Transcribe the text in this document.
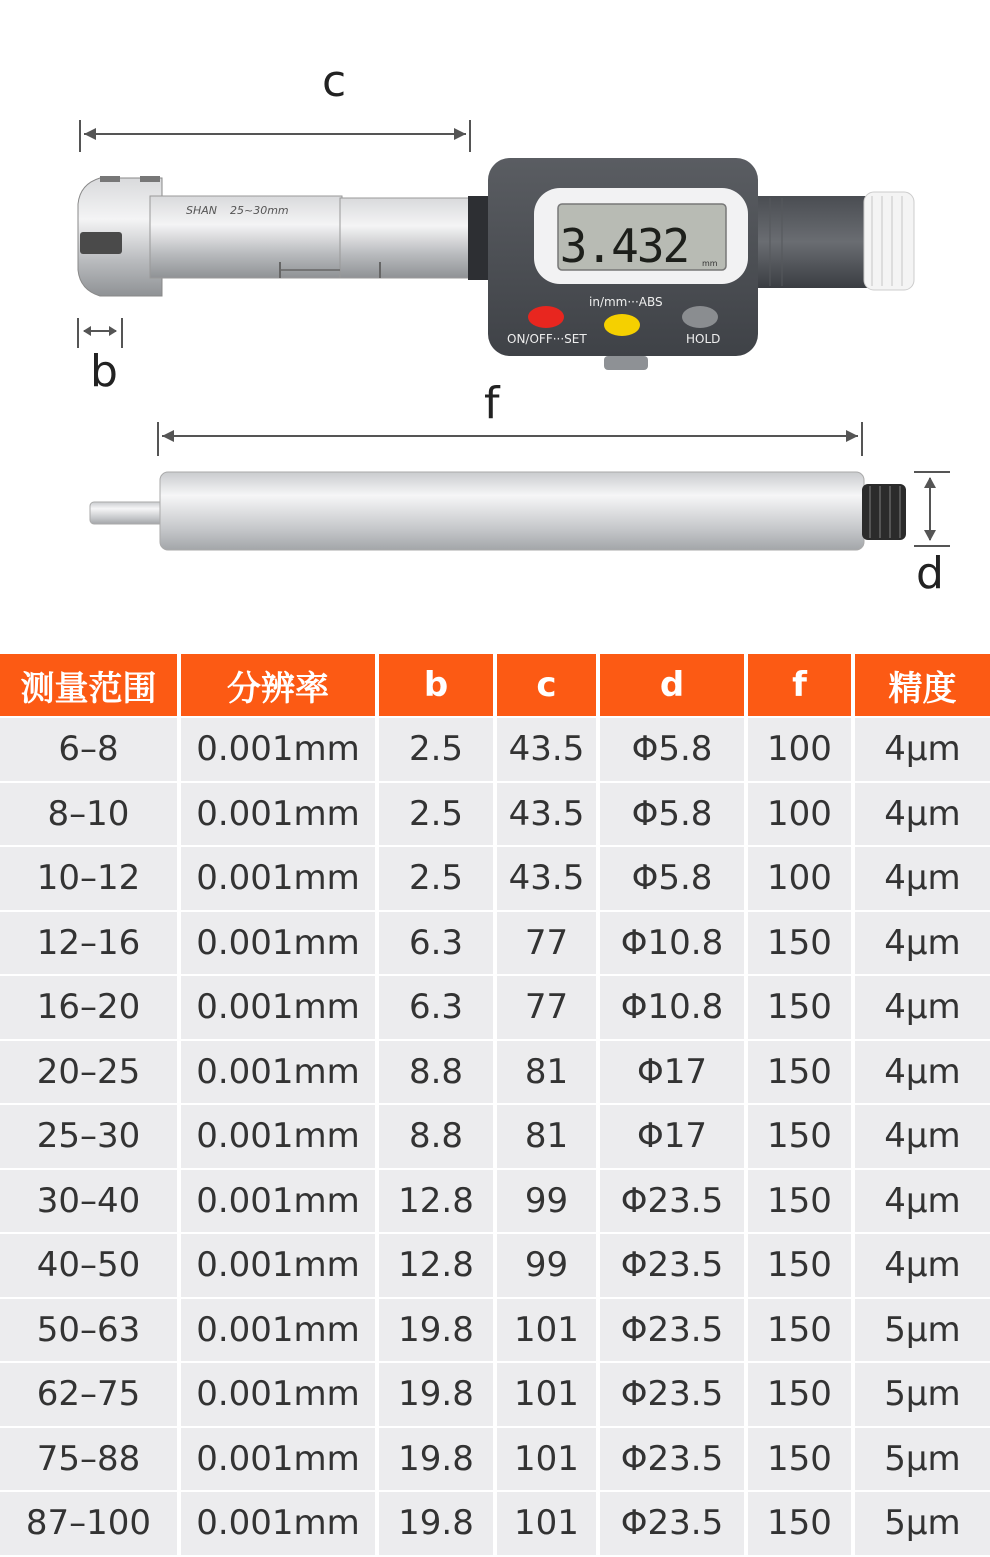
SHAN 25~30mm
3.432 mm
in/mm···ABS
ON/OFF···SET	HOLD
c
b
f
d
测量范围	分辨率	b	c	d	f	精度
6–8	0.001mm	2.5	43.5	Φ5.8	100	4μm
8–10	0.001mm	2.5	43.5	Φ5.8	100	4μm
10–12	0.001mm	2.5	43.5	Φ5.8	100	4μm
12–16	0.001mm	6.3	77	Φ10.8	150	4μm
16–20	0.001mm	6.3	77	Φ10.8	150	4μm
20–25	0.001mm	8.8	81	Φ17	150	4μm
25–30	0.001mm	8.8	81	Φ17	150	4μm
30–40	0.001mm	12.8	99	Φ23.5	150	4μm
40–50	0.001mm	12.8	99	Φ23.5	150	4μm
50–63	0.001mm	19.8	101	Φ23.5	150	5μm
62–75	0.001mm	19.8	101	Φ23.5	150	5μm
75–88	0.001mm	19.8	101	Φ23.5	150	5μm
87–100	0.001mm	19.8	101	Φ23.5	150	5μm
